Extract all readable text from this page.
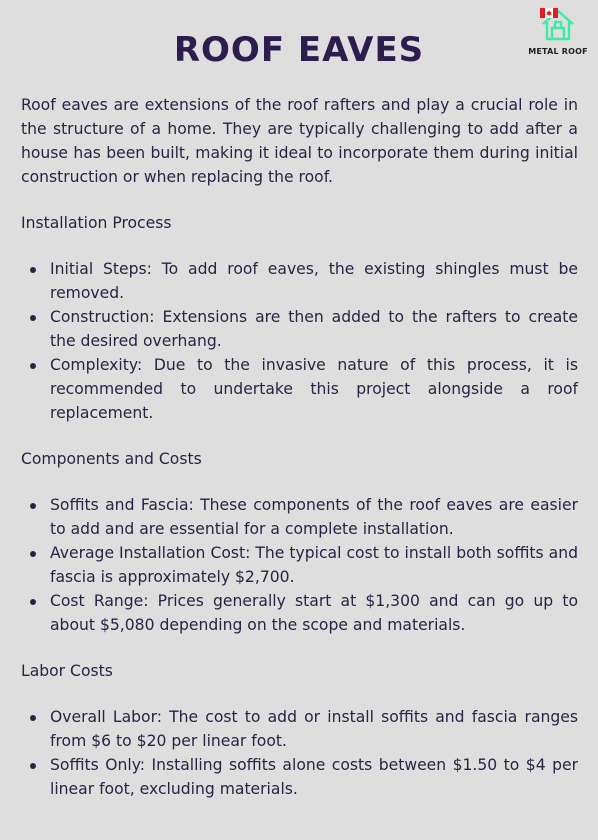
ROOF EAVES	METAL ROOF

Roof eaves are extensions of the roof rafters and play a crucial role in the structure of a home. They are typically challenging to add after a house has been built, making it ideal to incorporate them during initial construction or when replacing the roof.

Installation Process

Initial Steps: To add roof eaves, the existing shingles must be removed.
Construction: Extensions are then added to the rafters to create the desired overhang.
Complexity: Due to the invasive nature of this process, it is recommended to undertake this project alongside a roof replacement.

Components and Costs

Soffits and Fascia: These components of the roof eaves are easier to add and are essential for a complete installation.
Average Installation Cost: The typical cost to install both soffits and fascia is approximately $2,700.
Cost Range: Prices generally start at $1,300 and can go up to about $5,080 depending on the scope and materials.

Labor Costs

Overall Labor: The cost to add or install soffits and fascia ranges from $6 to $20 per linear foot.
Soffits Only: Installing soffits alone costs between $1.50 to $4 per linear foot, excluding materials.
